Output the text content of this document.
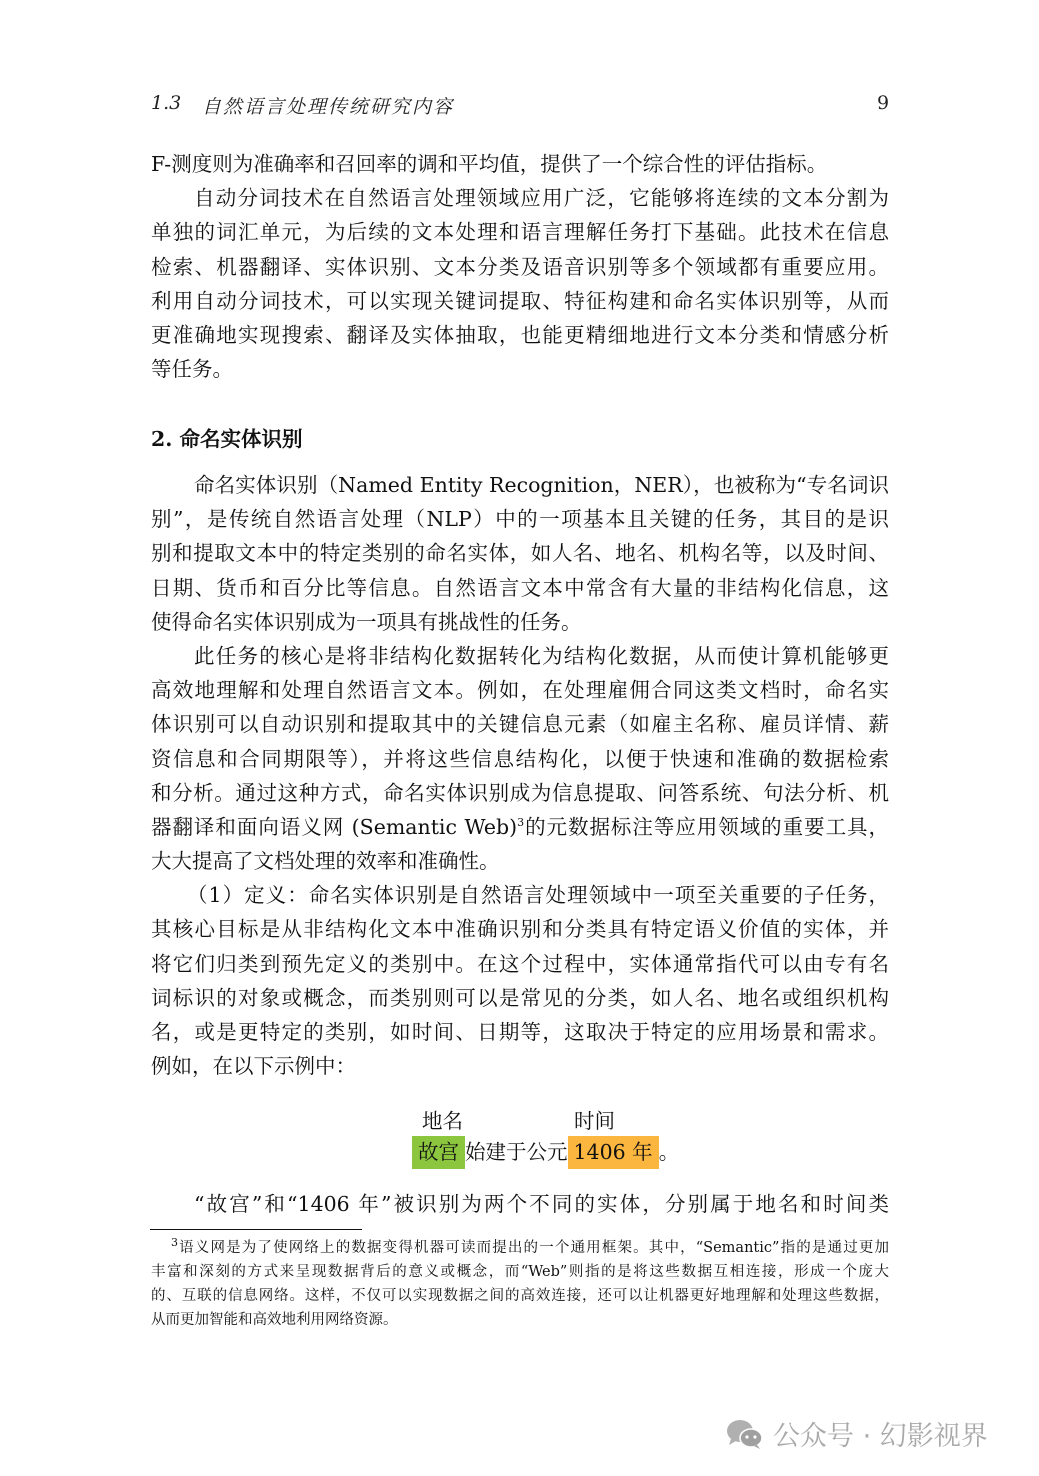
1.3 自然语言处理传统研究内容	9
F-测度则为准确率和召回率的调和平均值，提供了一个综合性的评估指标。
自动分词技术在自然语言处理领域应用广泛，它能够将连续的文本分割为
单独的词汇单元，为后续的文本处理和语言理解任务打下基础。此技术在信息
检索、机器翻译、实体识别、文本分类及语音识别等多个领域都有重要应用。
利用自动分词技术，可以实现关键词提取、特征构建和命名实体识别等，从而
更准确地实现搜索、翻译及实体抽取，也能更精细地进行文本分类和情感分析
等任务。
2. 命名实体识别
命名实体识别（Named Entity Recognition，NER），也被称为“专名词识
别”，是传统自然语言处理（NLP）中的一项基本且关键的任务，其目的是识
别和提取文本中的特定类别的命名实体，如人名、地名、机构名等，以及时间、
日期、货币和百分比等信息。自然语言文本中常含有大量的非结构化信息，这
使得命名实体识别成为一项具有挑战性的任务。
此任务的核心是将非结构化数据转化为结构化数据，从而使计算机能够更
高效地理解和处理自然语言文本。例如，在处理雇佣合同这类文档时，命名实
体识别可以自动识别和提取其中的关键信息元素（如雇主名称、雇员详情、薪
资信息和合同期限等），并将这些信息结构化，以便于快速和准确的数据检索
和分析。通过这种方式，命名实体识别成为信息提取、问答系统、句法分析、机
器翻译和面向语义网 (Semantic Web)$^3$的元数据标注等应用领域的重要工具，
大大提高了文档处理的效率和准确性。
（1）定义：命名实体识别是自然语言处理领域中一项至关重要的子任务，
其核心目标是从非结构化文本中准确识别和分类具有特定语义价值的实体，并
将它们归类到预先定义的类别中。在这个过程中，实体通常指代可以由专有名
词标识的对象或概念，而类别则可以是常见的分类，如人名、地名或组织机构
名，或是更特定的类别，如时间、日期等，这取决于特定的应用场景和需求。
例如，在以下示例中：
地名	时间
故宫 始建于公元 1406 年 。
“故宫”和“1406 年”被识别为两个不同的实体，分别属于地名和时间类
$^3$语义网是为了使网络上的数据变得机器可读而提出的一个通用框架。其中，“Semantic”指的是通过更加
丰富和深刻的方式来呈现数据背后的意义或概念，而“Web”则指的是将这些数据互相连接，形成一个庞大
的、互联的信息网络。这样，不仅可以实现数据之间的高效连接，还可以让机器更好地理解和处理这些数据，
从而更加智能和高效地利用网络资源。
公众号 · 幻影视界
